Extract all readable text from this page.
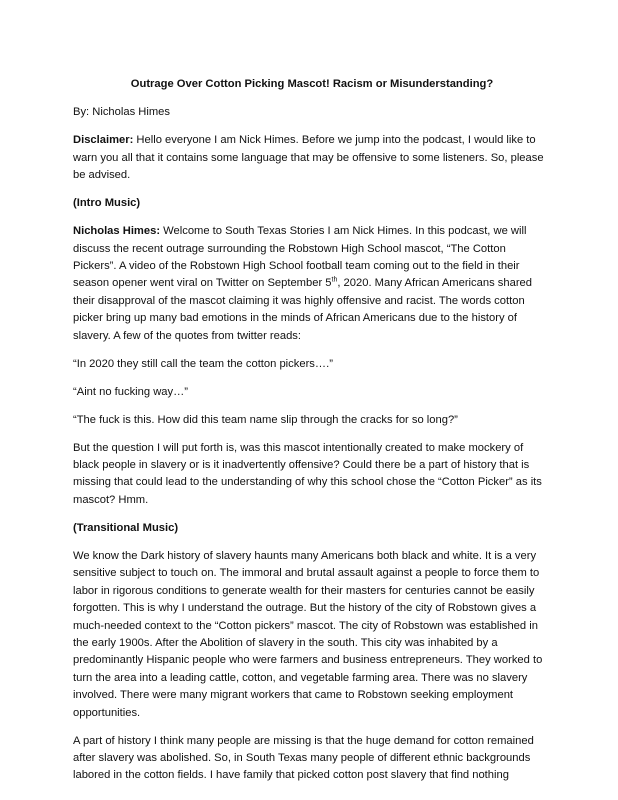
Outrage Over Cotton Picking Mascot! Racism or Misunderstanding?

By: Nicholas Himes

Disclaimer: Hello everyone I am Nick Himes. Before we jump into the podcast, I would like to warn you all that it contains some language that may be offensive to some listeners. So, please be advised.

(Intro Music)

Nicholas Himes: Welcome to South Texas Stories I am Nick Himes. In this podcast, we will discuss the recent outrage surrounding the Robstown High School mascot, “The Cotton Pickers”. A video of the Robstown High School football team coming out to the field in their season opener went viral on Twitter on September 5th, 2020. Many African Americans shared their disapproval of the mascot claiming it was highly offensive and racist. The words cotton picker bring up many bad emotions in the minds of African Americans due to the history of slavery. A few of the quotes from twitter reads:

“In 2020 they still call the team the cotton pickers….”

“Aint no fucking way…”

“The fuck is this. How did this team name slip through the cracks for so long?”

But the question I will put forth is, was this mascot intentionally created to make mockery of black people in slavery or is it inadvertently offensive? Could there be a part of history that is missing that could lead to the understanding of why this school chose the “Cotton Picker” as its mascot? Hmm.

(Transitional Music)

We know the Dark history of slavery haunts many Americans both black and white. It is a very sensitive subject to touch on. The immoral and brutal assault against a people to force them to labor in rigorous conditions to generate wealth for their masters for centuries cannot be easily forgotten. This is why I understand the outrage. But the history of the city of Robstown gives a much-needed context to the “Cotton pickers” mascot. The city of Robstown was established in the early 1900s. After the Abolition of slavery in the south. This city was inhabited by a predominantly Hispanic people who were farmers and business entrepreneurs. They worked to turn the area into a leading cattle, cotton, and vegetable farming area. There was no slavery involved. There were many migrant workers that came to Robstown seeking employment opportunities.

A part of history I think many people are missing is that the huge demand for cotton remained after slavery was abolished. So, in South Texas many people of different ethnic backgrounds labored in the cotton fields. I have family that picked cotton post slavery that find nothing
